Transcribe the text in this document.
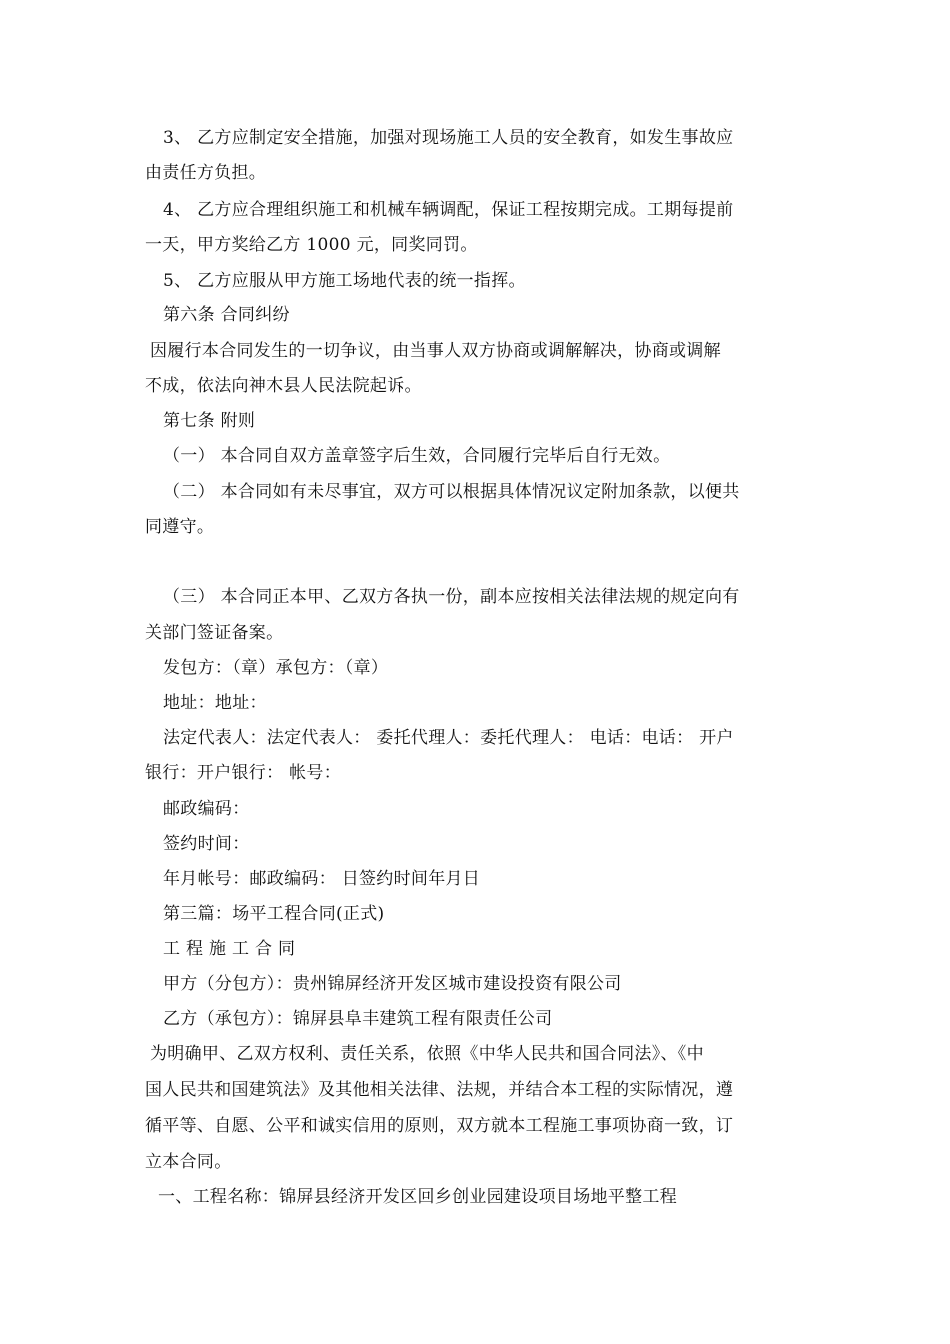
3、 乙方应制定安全措施，加强对现场施工人员的安全教育，如发生事故应
由责任方负担。
4、 乙方应合理组织施工和机械车辆调配，保证工程按期完成。工期每提前
一天，甲方奖给乙方 1000 元，同奖同罚。
5、 乙方应服从甲方施工场地代表的统一指挥。
第六条 合同纠纷
因履行本合同发生的一切争议，由当事人双方协商或调解解决，协商或调解
不成，依法向神木县人民法院起诉。
第七条 附则
（一） 本合同自双方盖章签字后生效，合同履行完毕后自行无效。
（二） 本合同如有未尽事宜，双方可以根据具体情况议定附加条款，以便共
同遵守。
（三） 本合同正本甲、乙双方各执一份，副本应按相关法律法规的规定向有
关部门签证备案。
发包方：（章）承包方：（章）
地址：地址：
法定代表人：法定代表人： 委托代理人：委托代理人： 电话：电话： 开户
银行：开户银行： 帐号：
邮政编码：
签约时间：
年月帐号：邮政编码： 日签约时间年月日
第三篇：场平工程合同(正式)
工 程 施 工 合 同
甲方（分包方）：贵州锦屏经济开发区城市建设投资有限公司
乙方（承包方）：锦屏县阜丰建筑工程有限责任公司
为明确甲、乙双方权利、责任关系，依照《中华人民共和国合同法》、《中
国人民共和国建筑法》及其他相关法律、法规，并结合本工程的实际情况，遵
循平等、自愿、公平和诚实信用的原则，双方就本工程施工事项协商一致，订
立本合同。
一、工程名称：锦屏县经济开发区回乡创业园建设项目场地平整工程
